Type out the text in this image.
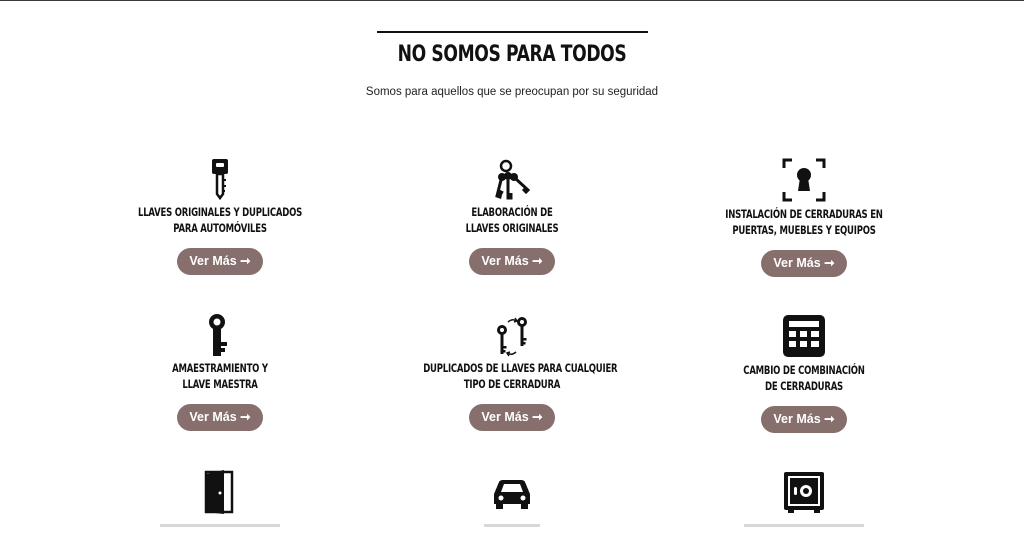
NO SOMOS PARA TODOS
Somos para aquellos que se preocupan por su seguridad
LLAVES ORIGINALES Y DUPLICADOS
PARA AUTOMÓVILES
Ver Más ➞
ELABORACIÓN DE
LLAVES ORIGINALES
Ver Más ➞
INSTALACIÓN DE CERRADURAS EN
PUERTAS, MUEBLES Y EQUIPOS
Ver Más ➞
AMAESTRAMIENTO Y
LLAVE MAESTRA
Ver Más ➞
DUPLICADOS DE LLAVES PARA CUALQUIER
TIPO DE CERRADURA
Ver Más ➞
CAMBIO DE COMBINACIÓN
DE CERRADURAS
Ver Más ➞
